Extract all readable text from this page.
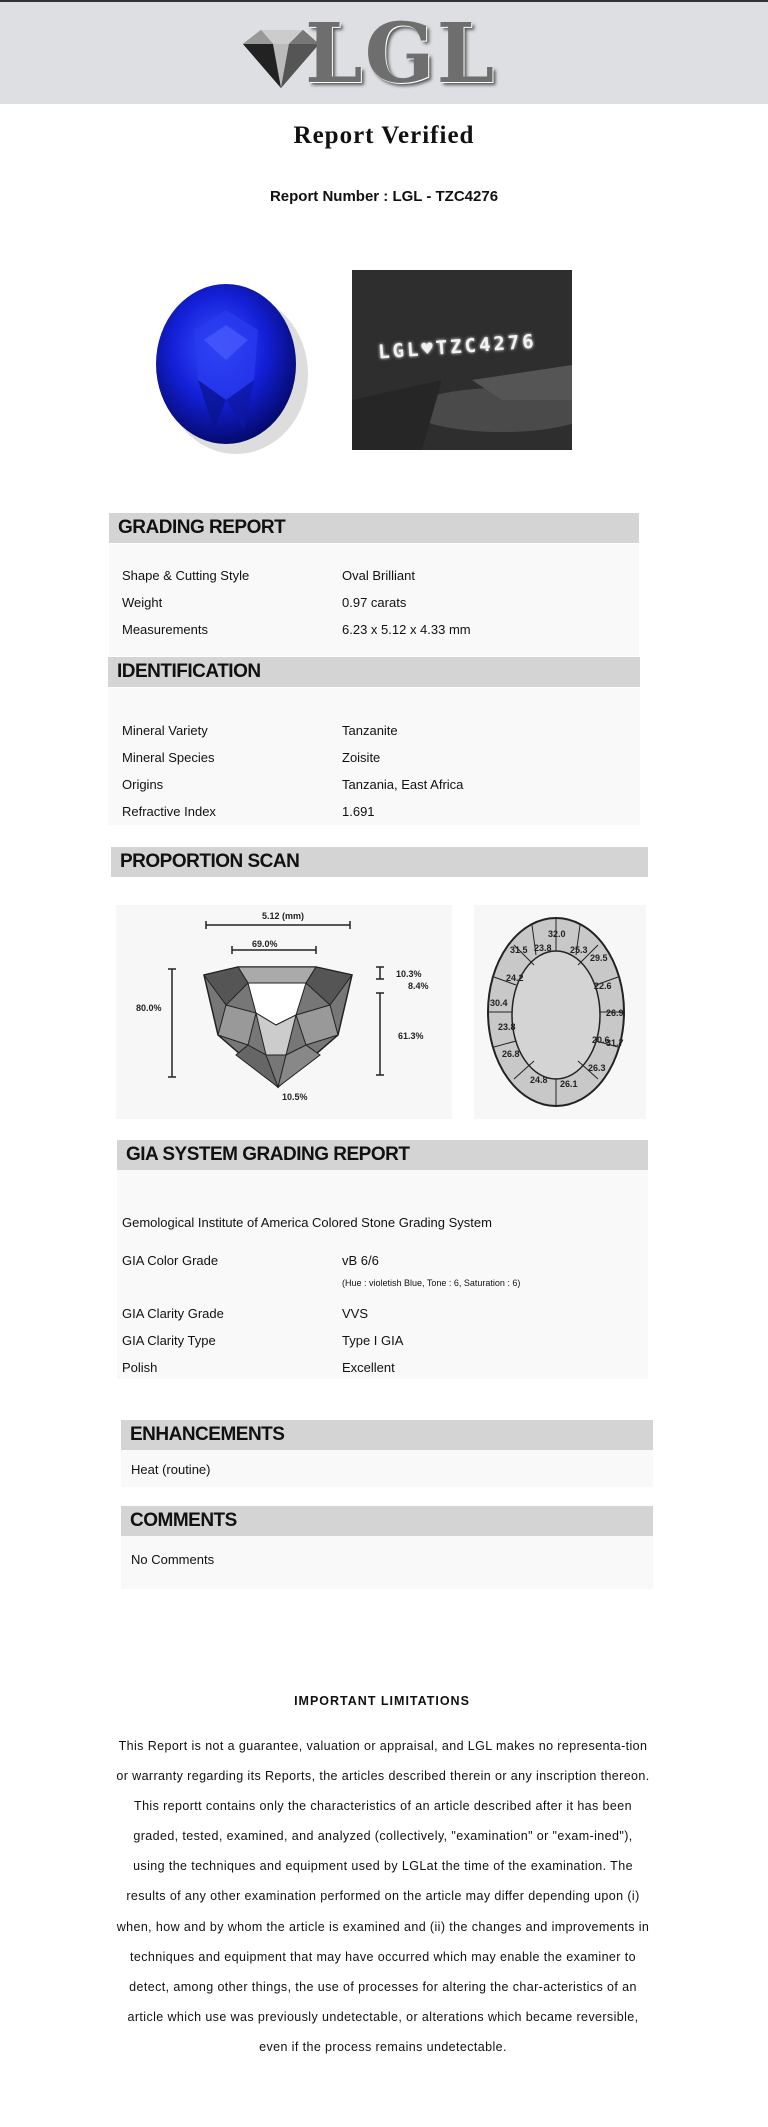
LGL
Report Verified
Report Number : LGL - TZC4276
LGL♥TZC4276
GRADING REPORT
Shape & Cutting Style	Oval Brilliant
Weight	0.97 carats
Measurements	6.23 x 5.12 x 4.33 mm
IDENTIFICATION
Mineral Variety	Tanzanite
Mineral Species	Zoisite
Origins	Tanzania, East Africa
Refractive Index	1.691
PROPORTION SCAN
5.12 (mm)
69.0%
80.0%
10.3%
8.4%
61.3%
10.5%
32.0
31.5 23.8 25.3
29.5
24.2
22.6
30.4
26.9
23.8
20.6
31.7
26.8
26.3
24.8 26.1
GIA SYSTEM GRADING REPORT
Gemological Institute of America Colored Stone Grading System
GIA Color Grade	vB 6/6
(Hue : violetish Blue, Tone : 6, Saturation : 6)
GIA Clarity Grade	VVS
GIA Clarity Type	Type I GIA
Polish	Excellent
ENHANCEMENTS
Heat (routine)
COMMENTS
No Comments
IMPORTANT LIMITATIONS
This Report is not a guarantee, valuation or appraisal, and LGL makes no representa-tion or warranty regarding its Reports, the articles described therein or any inscription thereon. This reportt contains only the characteristics of an article described after it has been graded, tested, examined, and analyzed (collectively, "examination" or "exam-ined"), using the techniques and equipment used by LGLat the time of the examination. The results of any other examination performed on the article may differ depending upon (i) when, how and by whom the article is examined and (ii) the changes and improvements in techniques and equipment that may have occurred which may enable the examiner to detect, among other things, the use of processes for altering the char-acteristics of an article which use was previously undetectable, or alterations which became reversible, even if the process remains undetectable.
